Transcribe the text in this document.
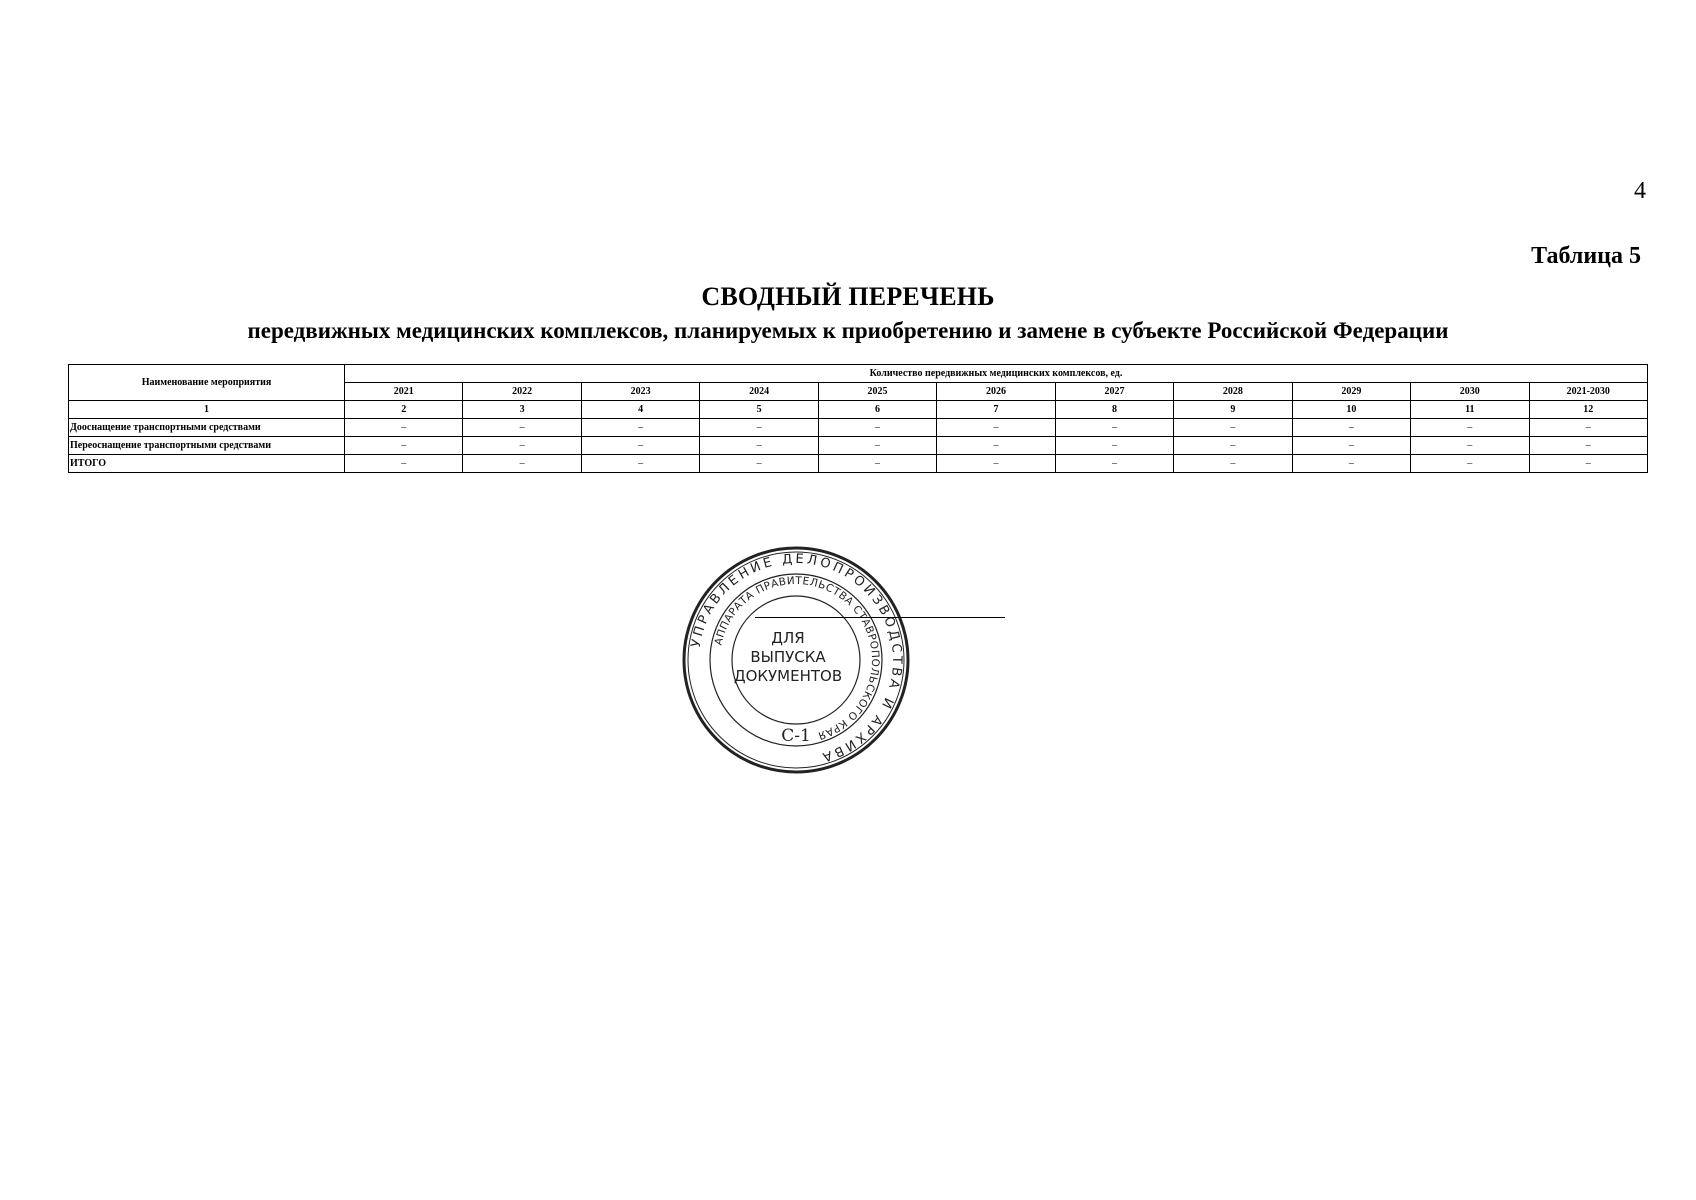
4
Таблица 5
СВОДНЫЙ ПЕРЕЧЕНЬ
передвижных медицинских комплексов, планируемых к приобретению и замене в субъекте Российской Федерации
Наименование мероприятия	Количество передвижных медицинских комплексов, ед.										
	2021	2022	2023	2024	2025	2026	2027	2028	2029	2030	2021-2030
1	2	3	4	5	6	7	8	9	10	11	12
Дооснащение транспортными средствами	–	–	–	–	–	–	–	–	–	–	–
Переоснащение транспортными средствами	–	–	–	–	–	–	–	–	–	–	–
ИТОГО	–	–	–	–	–	–	–	–	–	–	–
УПРАВЛЕНИЕ ДЕЛОПРОИЗВОДСТВА И АРХИВА
АППАРАТА ПРАВИТЕЛЬСТВА СТАВРОПОЛЬСКОГО КРАЯ
ДЛЯ
ВЫПУСКА
ДОКУМЕНТОВ
С-1
